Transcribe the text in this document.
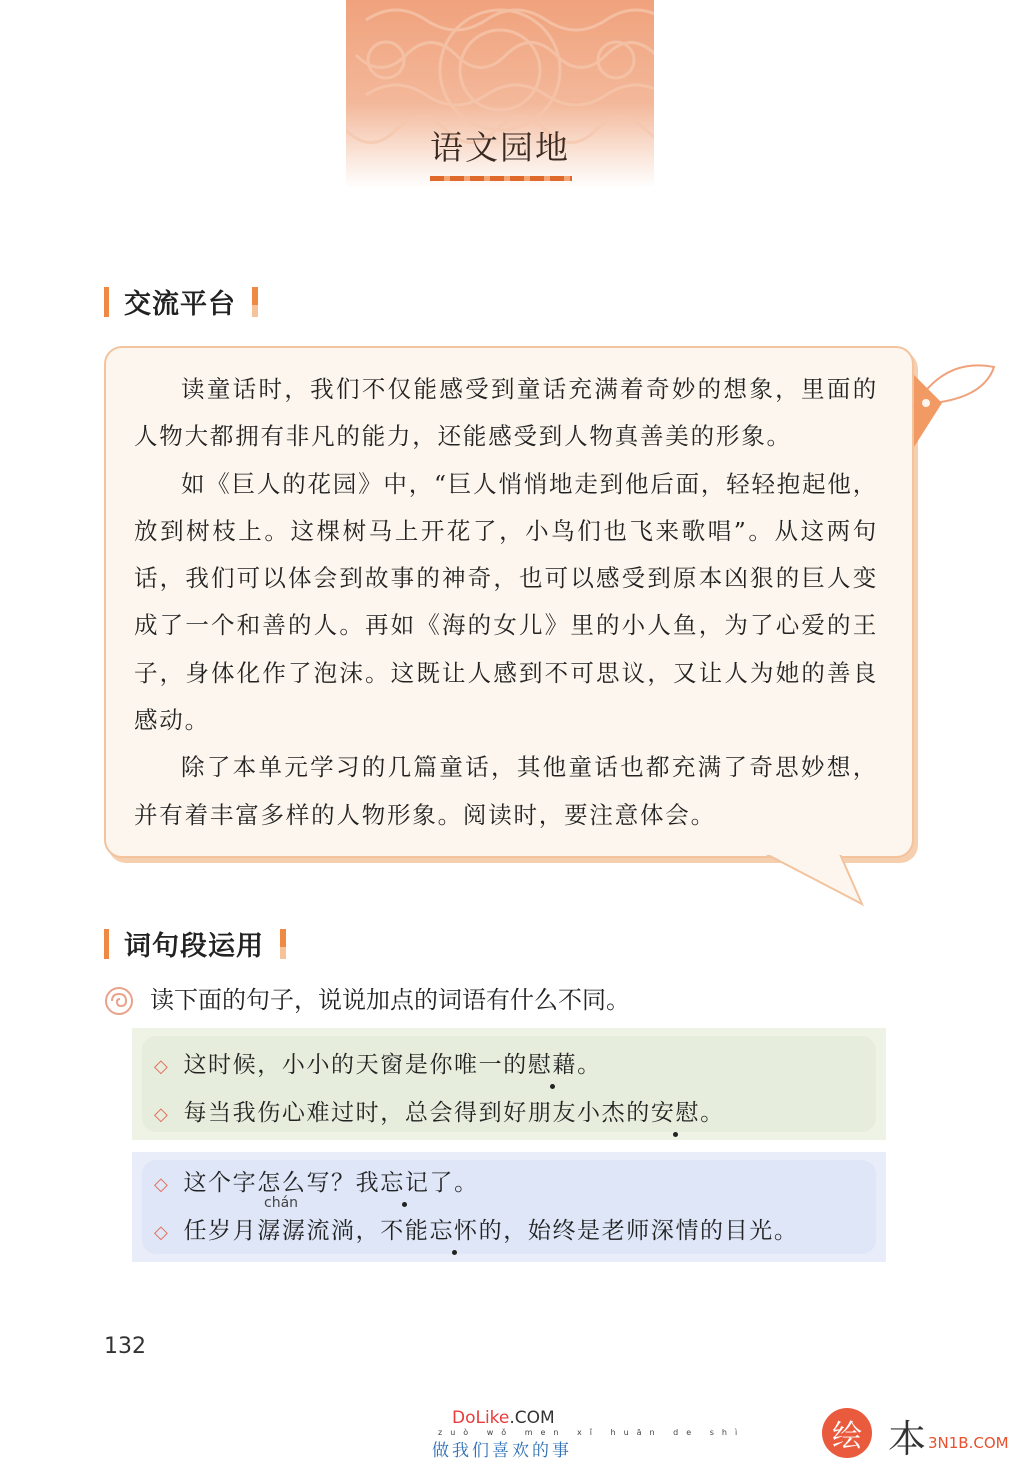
语文园地
交流平台

读童话时，我们不仅能感受到童话充满着奇妙的想象，里面的人物大都拥有非凡的能力，还能感受到人物真善美的形象。

如《巨人的花园》中，“巨人悄悄地走到他后面，轻轻抱起他，放到树枝上。这棵树马上开花了，小鸟们也飞来歌唱”。从这两句话，我们可以体会到故事的神奇，也可以感受到原本凶狠的巨人变成了一个和善的人。再如《海的女儿》里的小人鱼，为了心爱的王子，身体化作了泡沫。这既让人感到不可思议，又让人为她的善良感动。

除了本单元学习的几篇童话，其他童话也都充满了奇思妙想，并有着丰富多样的人物形象。阅读时，要注意体会。

词句段运用
读下面的句子，说说加点的词语有什么不同。
◇ 这时候，小小的天窗是你唯一的 慰藉 。
◇ 每当我伤心难过时，总会得到好朋友小杰的 安慰 。
◇ 这个字怎么写？我 忘记 了。
chán
◇ 任岁月潺潺流淌，不能 忘怀 的，始终是老师深情的目光。
132
DoLike.COM
zuò wǒ men xǐ huān de shì
做我们喜欢的事	绘 本 3N1B.COM
